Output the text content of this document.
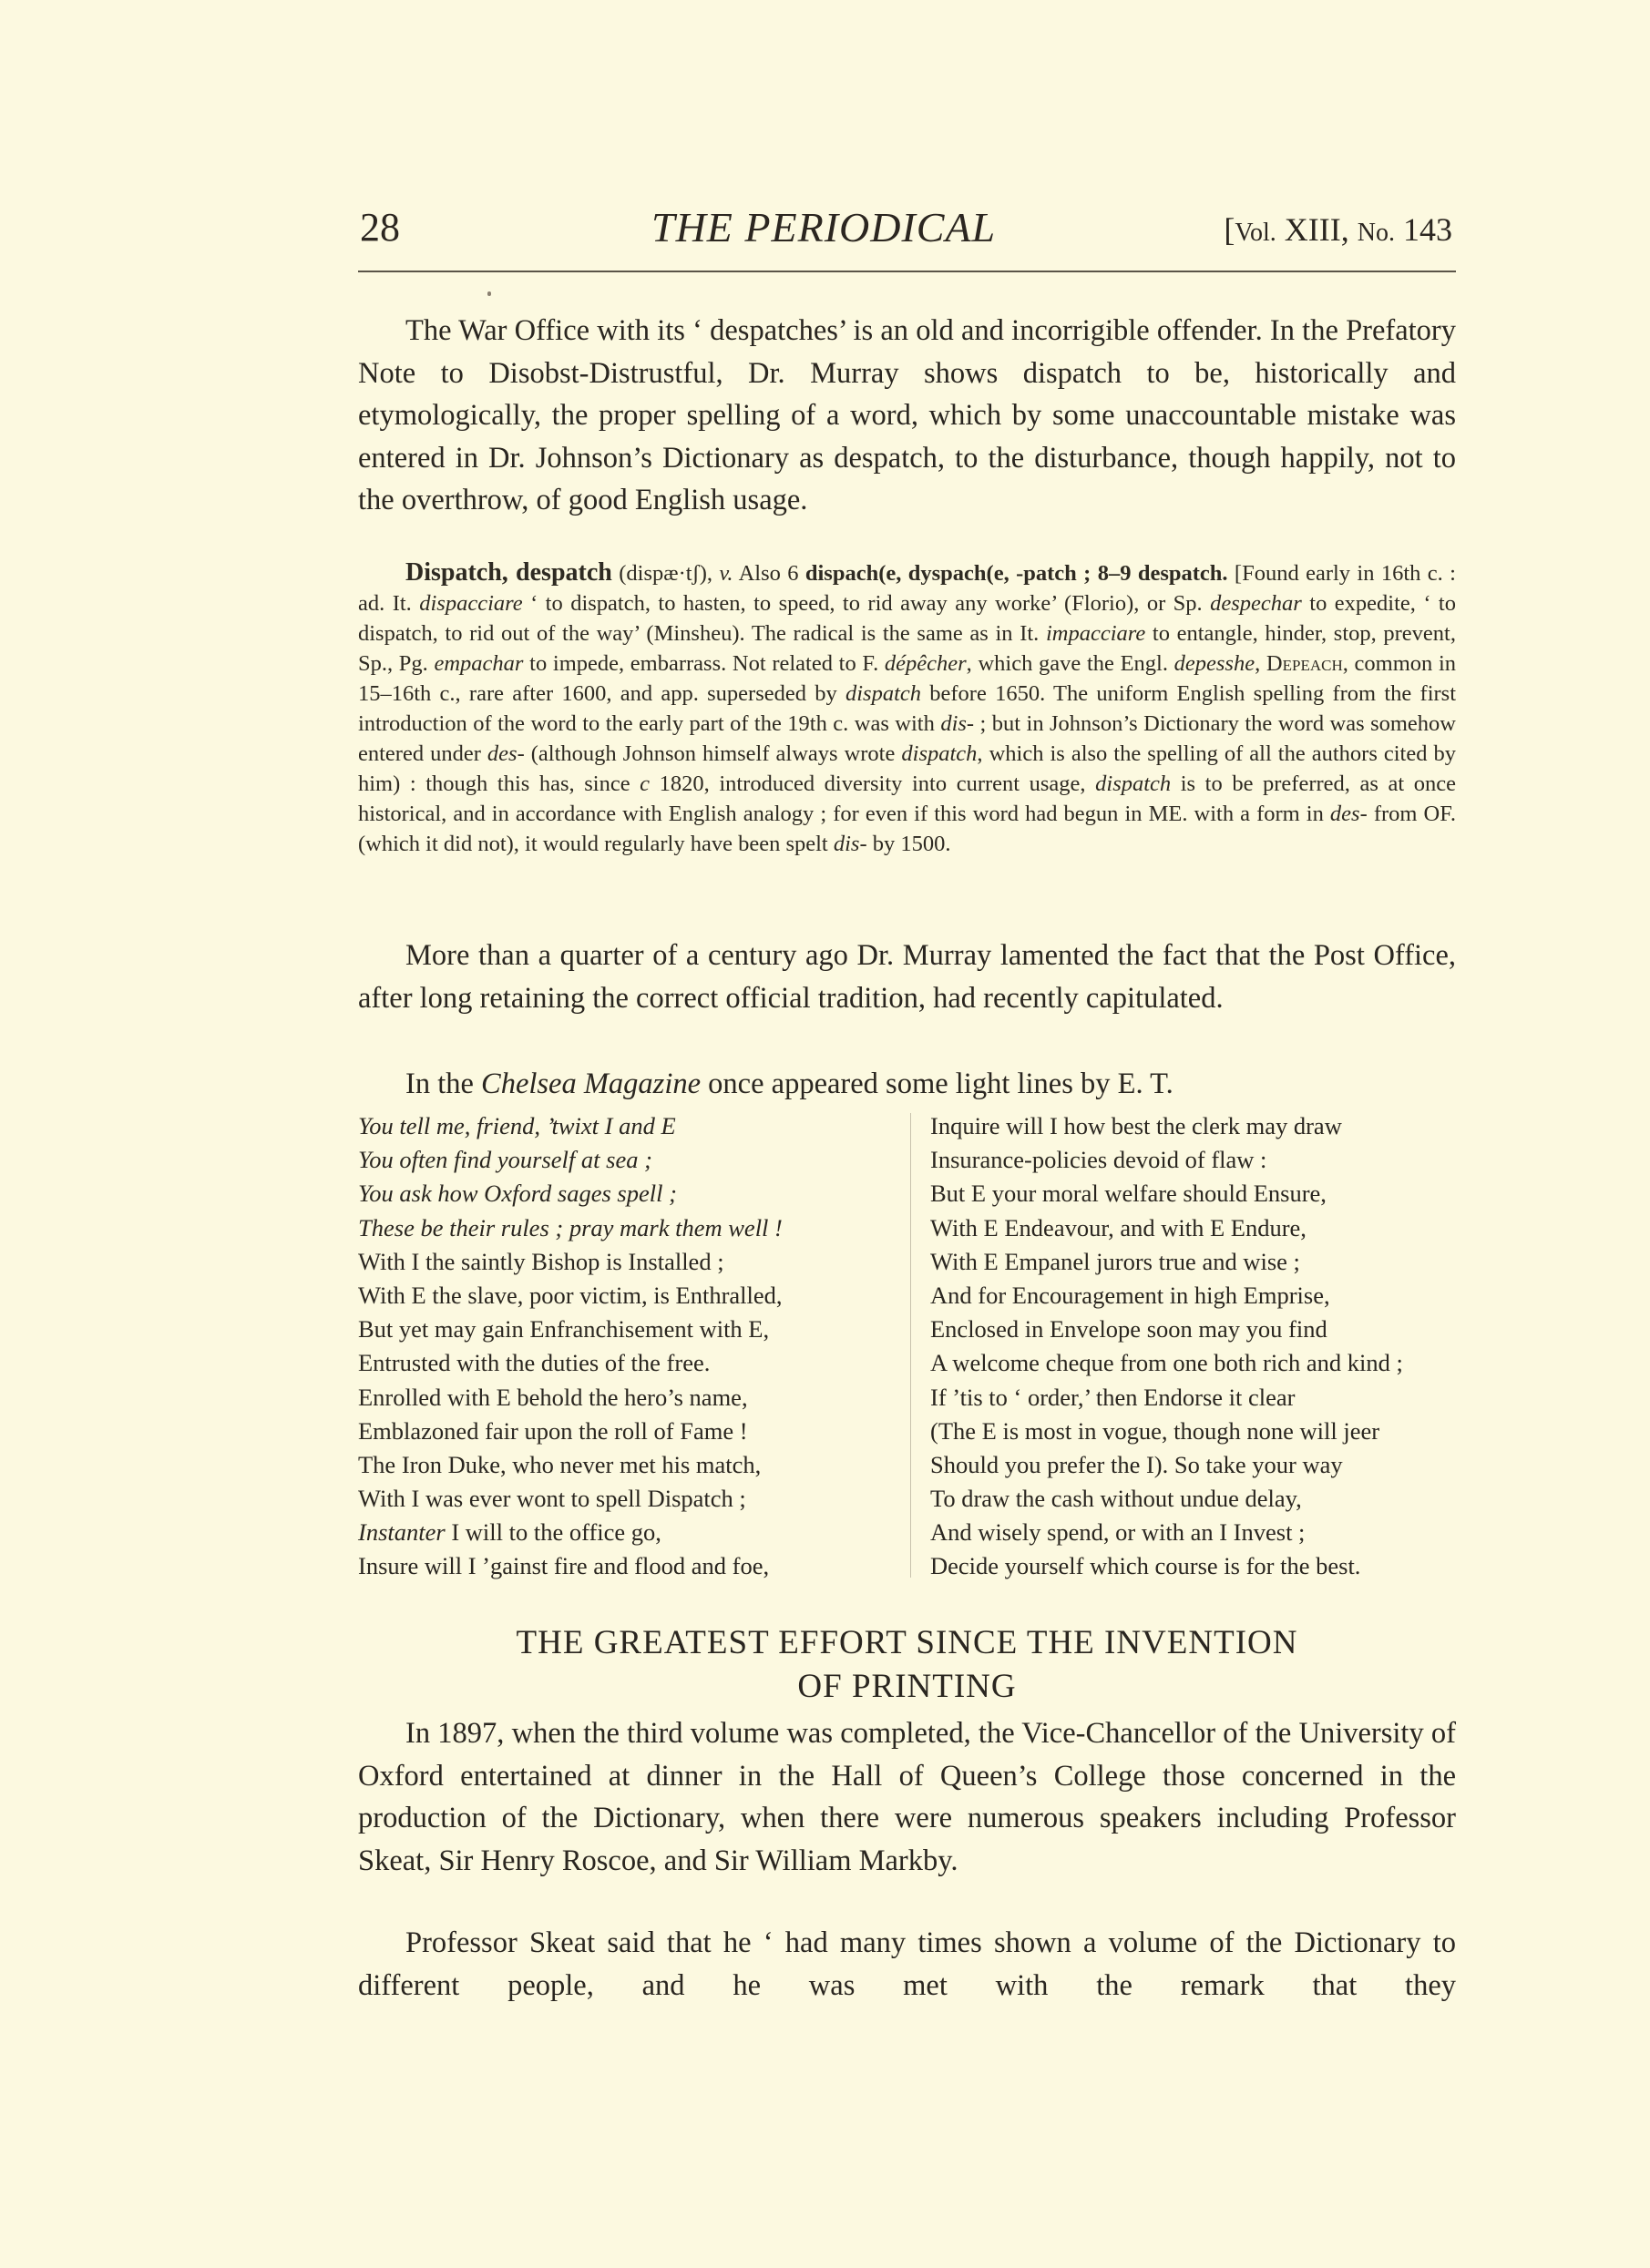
28	THE PERIODICAL	[Vol. XIII, No. 143

The War Office with its ‘ despatches’ is an old and incorrigible offender. In the Prefatory Note to Disobst-Distrustful, Dr. Murray shows dispatch to be, historically and etymologically, the proper spelling of a word, which by some unaccountable mistake was entered in Dr. Johnson’s Dictionary as despatch, to the disturbance, though happily, not to the overthrow, of good English usage.

Dispatch, despatch (dispæ·tʃ), v. Also 6 dispach(e, dyspach(e, -patch ; 8–9 despatch. [Found early in 16th c. : ad. It. dispacciare ‘ to dispatch, to hasten, to speed, to rid away any worke’ (Florio), or Sp. despechar to expedite, ‘ to dispatch, to rid out of the way’ (Minsheu). The radical is the same as in It. impacciare to entangle, hinder, stop, prevent, Sp., Pg. empachar to impede, embarrass. Not related to F. dépêcher, which gave the Engl. depesshe, Depeach, common in 15–16th c., rare after 1600, and app. superseded by dispatch before 1650. The uniform English spelling from the first introduction of the word to the early part of the 19th c. was with dis- ; but in Johnson’s Dictionary the word was somehow entered under des- (although Johnson himself always wrote dispatch, which is also the spelling of all the authors cited by him) : though this has, since c 1820, introduced diversity into current usage, dispatch is to be preferred, as at once historical, and in accordance with English analogy ; for even if this word had begun in ME. with a form in des- from OF. (which it did not), it would regularly have been spelt dis- by 1500.

More than a quarter of a century ago Dr. Murray lamented the fact that the Post Office, after long retaining the correct official tradition, had recently capitulated.

In the Chelsea Magazine once appeared some light lines by E. T.

You tell me, friend, ’twixt I and E
You often find yourself at sea ;
You ask how Oxford sages spell ;
These be their rules ; pray mark them well !
With I the saintly Bishop is Installed ;
With E the slave, poor victim, is Enthralled,
But yet may gain Enfranchisement with E,
Entrusted with the duties of the free.
Enrolled with E behold the hero’s name,
Emblazoned fair upon the roll of Fame !
The Iron Duke, who never met his match,
With I was ever wont to spell Dispatch ;
Instanter I will to the office go,
Insure will I ’gainst fire and flood and foe,
Inquire will I how best the clerk may draw
Insurance-policies devoid of flaw :
But E your moral welfare should Ensure,
With E Endeavour, and with E Endure,
With E Empanel jurors true and wise ;
And for Encouragement in high Emprise,
Enclosed in Envelope soon may you find
A welcome cheque from one both rich and kind ;
If ’tis to ‘ order,’ then Endorse it clear
(The E is most in vogue, though none will jeer
Should you prefer the I). So take your way
To draw the cash without undue delay,
And wisely spend, or with an I Invest ;
Decide yourself which course is for the best.
THE GREATEST EFFORT SINCE THE INVENTION
OF PRINTING

In 1897, when the third volume was completed, the Vice-Chancellor of the University of Oxford entertained at dinner in the Hall of Queen’s College those concerned in the production of the Dictionary, when there were numerous speakers including Professor Skeat, Sir Henry Roscoe, and Sir William Markby.

Professor Skeat said that he ‘ had many times shown a volume of the Dictionary to different people, and he was met with the remark that they
